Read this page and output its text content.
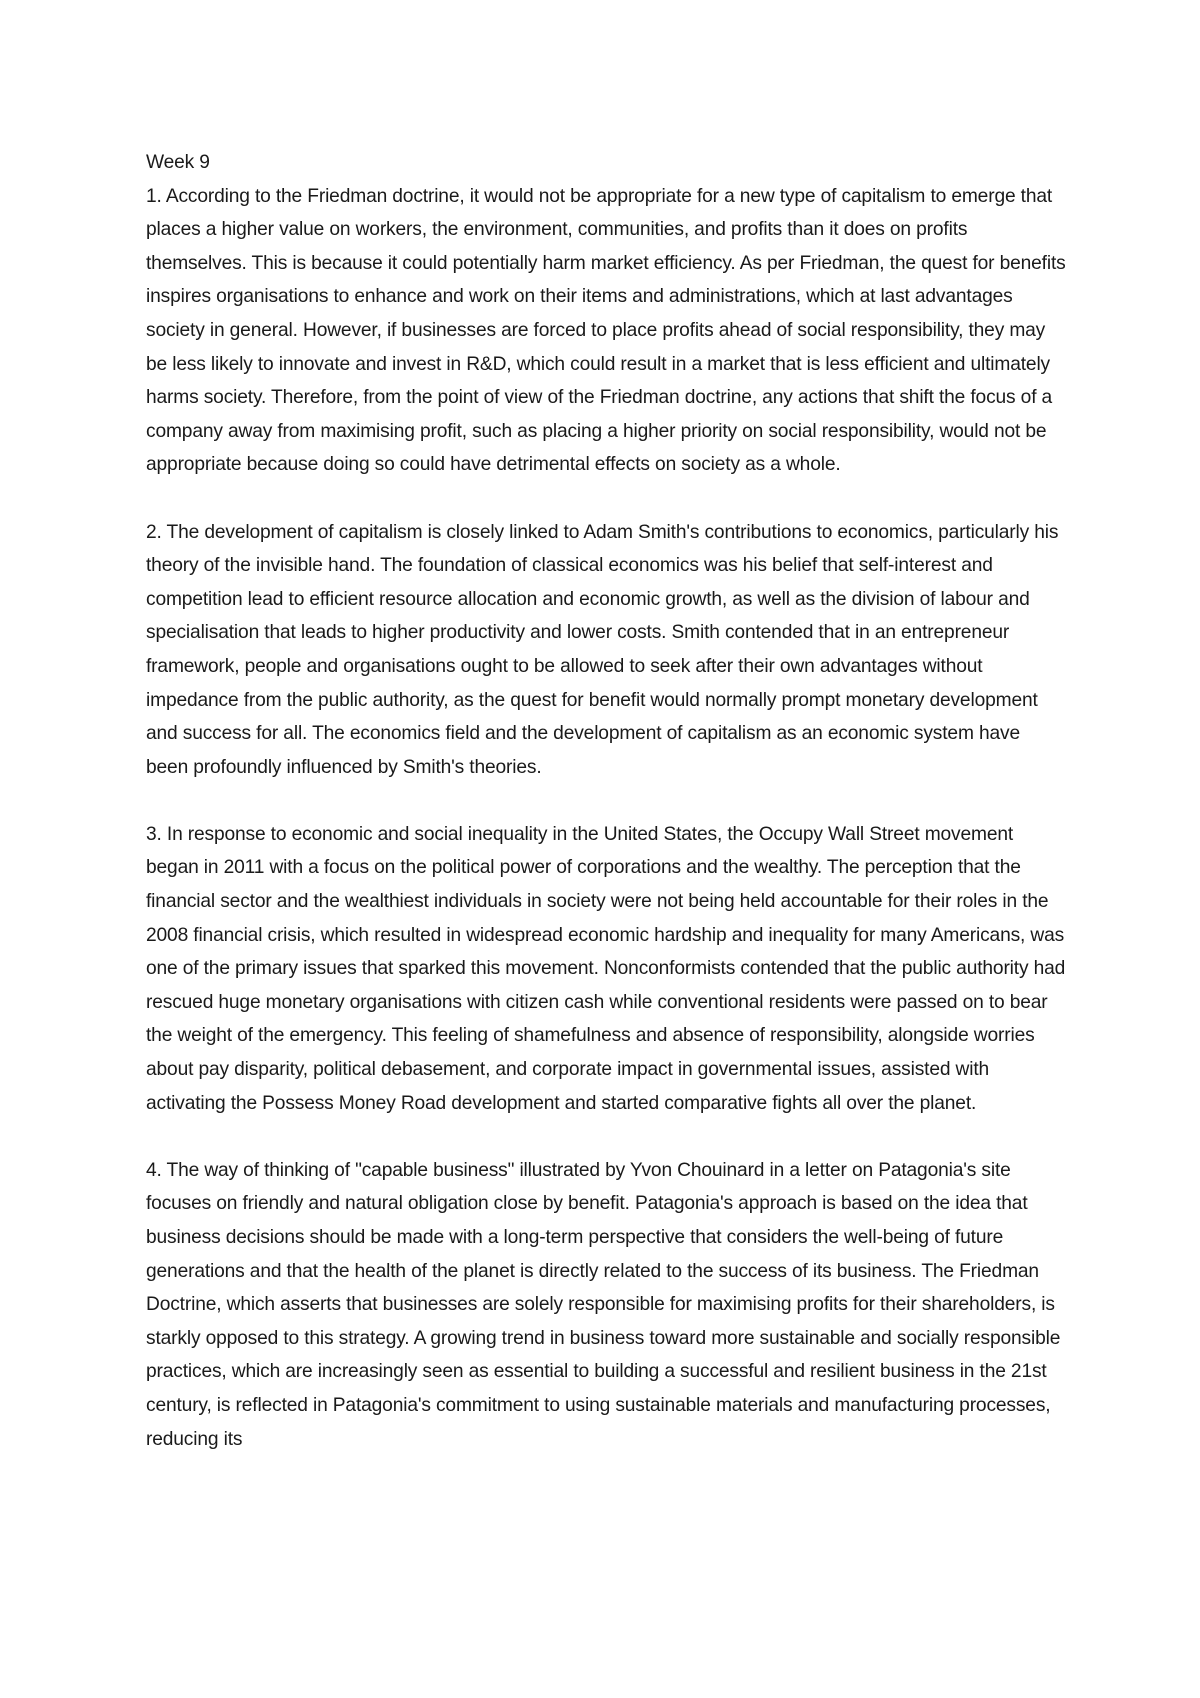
Week 9

1. According to the Friedman doctrine, it would not be appropriate for a new type of capitalism to emerge that places a higher value on workers, the environment, communities, and profits than it does on profits themselves. This is because it could potentially harm market efficiency. As per Friedman, the quest for benefits inspires organisations to enhance and work on their items and administrations, which at last advantages society in general. However, if businesses are forced to place profits ahead of social responsibility, they may be less likely to innovate and invest in R&D, which could result in a market that is less efficient and ultimately harms society. Therefore, from the point of view of the Friedman doctrine, any actions that shift the focus of a company away from maximising profit, such as placing a higher priority on social responsibility, would not be appropriate because doing so could have detrimental effects on society as a whole.

2. The development of capitalism is closely linked to Adam Smith's contributions to economics, particularly his theory of the invisible hand. The foundation of classical economics was his belief that self-interest and competition lead to efficient resource allocation and economic growth, as well as the division of labour and specialisation that leads to higher productivity and lower costs. Smith contended that in an entrepreneur framework, people and organisations ought to be allowed to seek after their own advantages without impedance from the public authority, as the quest for benefit would normally prompt monetary development and success for all. The economics field and the development of capitalism as an economic system have been profoundly influenced by Smith's theories.

3. In response to economic and social inequality in the United States, the Occupy Wall Street movement began in 2011 with a focus on the political power of corporations and the wealthy. The perception that the financial sector and the wealthiest individuals in society were not being held accountable for their roles in the 2008 financial crisis, which resulted in widespread economic hardship and inequality for many Americans, was one of the primary issues that sparked this movement. Nonconformists contended that the public authority had rescued huge monetary organisations with citizen cash while conventional residents were passed on to bear the weight of the emergency. This feeling of shamefulness and absence of responsibility, alongside worries about pay disparity, political debasement, and corporate impact in governmental issues, assisted with activating the Possess Money Road development and started comparative fights all over the planet.

4. The way of thinking of "capable business" illustrated by Yvon Chouinard in a letter on Patagonia's site focuses on friendly and natural obligation close by benefit. Patagonia's approach is based on the idea that business decisions should be made with a long-term perspective that considers the well-being of future generations and that the health of the planet is directly related to the success of its business. The Friedman Doctrine, which asserts that businesses are solely responsible for maximising profits for their shareholders, is starkly opposed to this strategy. A growing trend in business toward more sustainable and socially responsible practices, which are increasingly seen as essential to building a successful and resilient business in the 21st century, is reflected in Patagonia's commitment to using sustainable materials and manufacturing processes, reducing its
